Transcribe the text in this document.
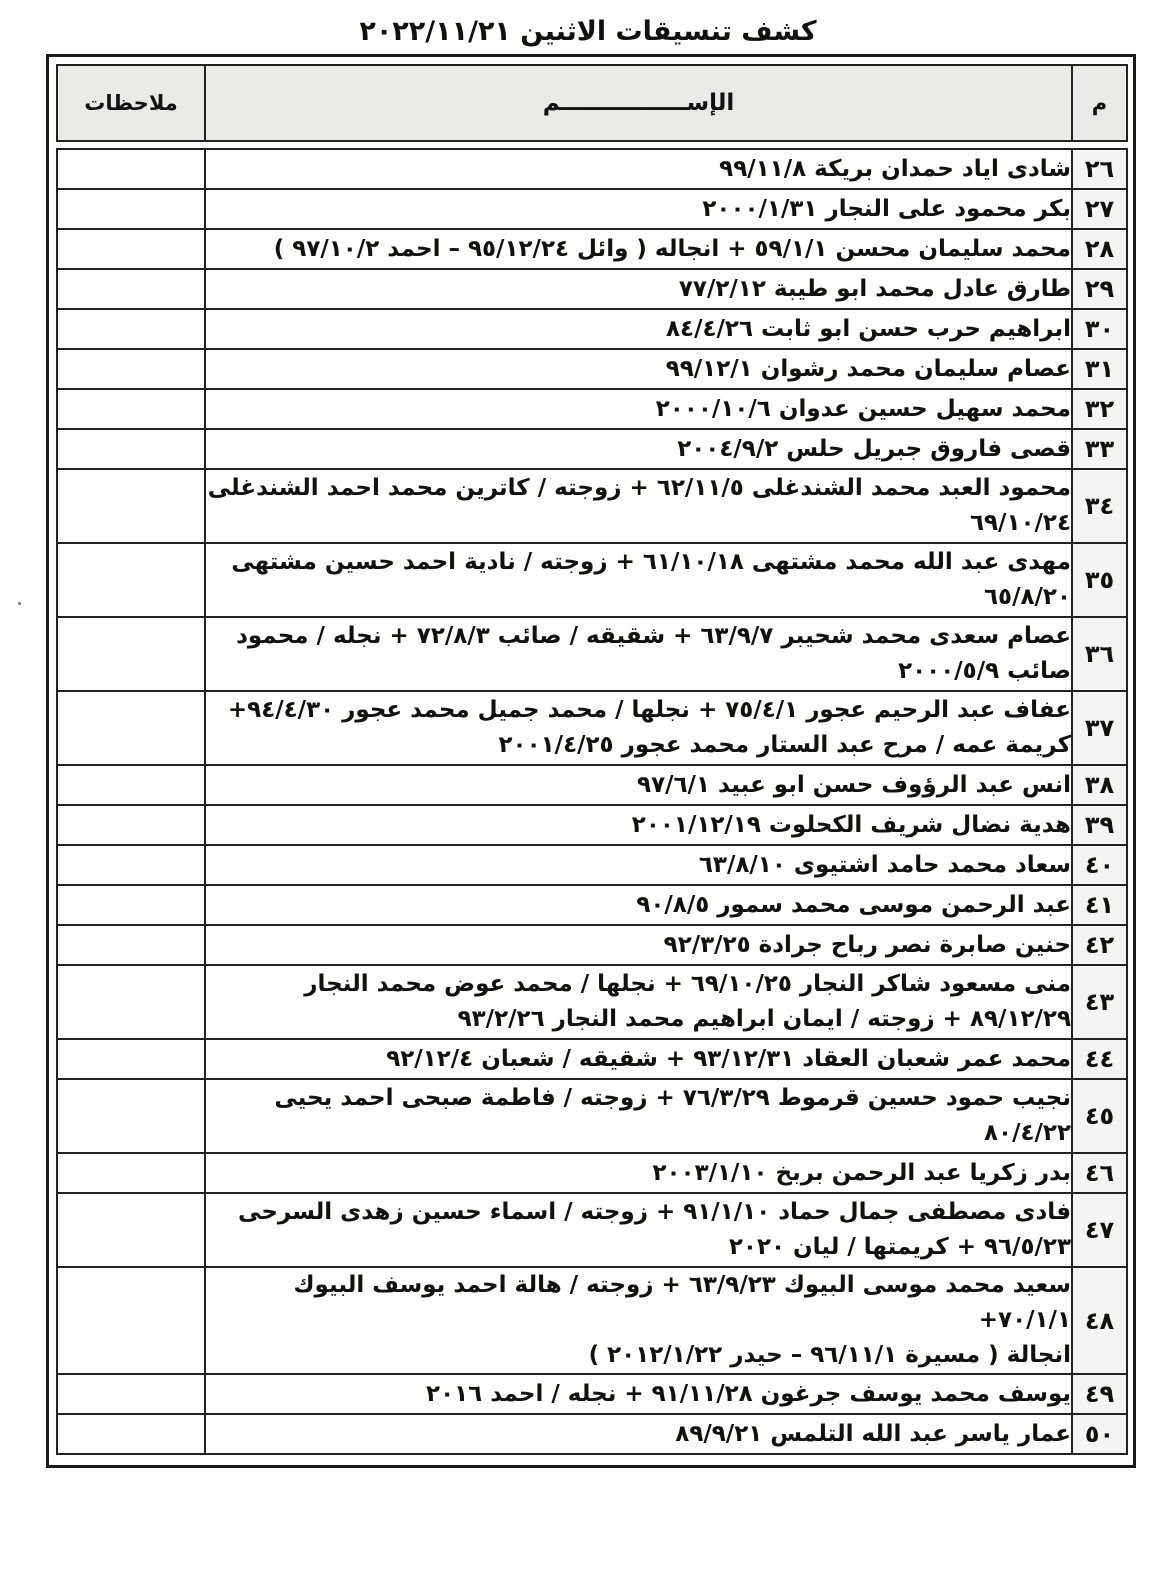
كشف تنسيقات الاثنين ٢٠٢٢/١١/٢١
م	الإســــــــــــــــم	ملاحظات

٢٦	شادى اياد حمدان بريكة ٩٩/١١/٨	

٢٧	بكر محمود على النجار ٢٠٠٠/١/٣١	

٢٨	محمد سليمان محسن ٥٩/١/١ + انجاله ( وائل ٩٥/١٢/٢٤ – احمد ٩٧/١٠/٢ )	

٢٩	طارق عادل محمد ابو طيبة ٧٧/٢/١٢	

٣٠	ابراهيم حرب حسن ابو ثابت ٨٤/٤/٢٦	

٣١	عصام سليمان محمد رشوان ٩٩/١٢/١	

٣٢	محمد سهيل حسين عدوان ٢٠٠٠/١٠/٦	

٣٣	قصى فاروق جبريل حلس ٢٠٠٤/٩/٢	

٣٤	محمود العبد محمد الشندغلى ٦٢/١١/٥ + زوجته / كاترين محمد احمد الشندغلى
٦٩/١٠/٢٤	

٣٥	مهدى عبد الله محمد مشتهى ٦١/١٠/١٨ + زوجته / نادية احمد حسين مشتهى
٦٥/٨/٢٠	

٣٦	عصام سعدى محمد شحيبر ٦٣/٩/٧ + شقيقه / صائب ٧٢/٨/٣ + نجله / محمود
صائب ٢٠٠٠/٥/٩	

٣٧	عفاف عبد الرحيم عجور ٧٥/٤/١ + نجلها / محمد جميل محمد عجور ٩٤/٤/٣٠+
كريمة عمه / مرح عبد الستار محمد عجور ٢٠٠١/٤/٢٥	

٣٨	انس عبد الرؤوف حسن ابو عبيد ٩٧/٦/١	

٣٩	هدية نضال شريف الكحلوت ٢٠٠١/١٢/١٩	

٤٠	سعاد محمد حامد اشتيوى ٦٣/٨/١٠	

٤١	عبد الرحمن موسى محمد سمور ٩٠/٨/٥	

٤٢	حنين صابرة نصر رباح جرادة ٩٢/٣/٢٥	

٤٣	منى مسعود شاكر النجار ٦٩/١٠/٢٥ + نجلها / محمد عوض محمد النجار
٨٩/١٢/٢٩ + زوجته / ايمان ابراهيم محمد النجار ٩٣/٢/٢٦	

٤٤	محمد عمر شعبان العقاد ٩٣/١٢/٣١ + شقيقه / شعبان ٩٢/١٢/٤	

٤٥	نجيب حمود حسين قرموط ٧٦/٣/٢٩ + زوجته / فاطمة صبحى احمد يحيى
٨٠/٤/٢٢	

٤٦	بدر زكريا عبد الرحمن بربخ ٢٠٠٣/١/١٠	

٤٧	فادى مصطفى جمال حماد ٩١/١/١٠ + زوجته / اسماء حسين زهدى السرحى
٩٦/٥/٢٣ + كريمتها / ليان ٢٠٢٠	

٤٨	سعيد محمد موسى البيوك ٦٣/٩/٢٣ + زوجته / هالة احمد يوسف البيوك ٧٠/١/١+
انجالة ( مسيرة ٩٦/١١/١ – حيدر ٢٠١٢/١/٢٢ )	

٤٩	يوسف محمد يوسف جرغون ٩١/١١/٢٨ + نجله / احمد ٢٠١٦	

٥٠	عمار ياسر عبد الله التلمس ٨٩/٩/٢١	
